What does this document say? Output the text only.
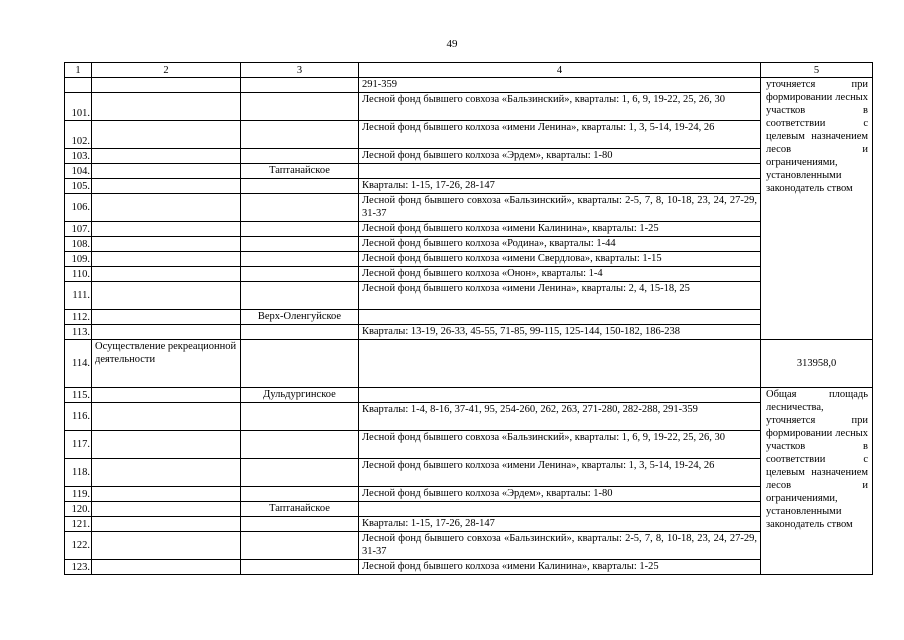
49
1	2	3	4	5
			291-359	уточняется при формировании лесных участков в соответствии с целевым назначением лесов и ограничениями, установленными законодатель ством
101.			Лесной фонд бывшего совхоза «Бальзинский», кварталы: 1, 6, 9, 19-22, 25, 26, 30	
102.			Лесной фонд бывшего колхоза «имени Ленина», кварталы: 1, 3, 5-14, 19-24, 26	
103.			Лесной фонд бывшего колхоза «Эрдем», кварталы: 1-80	
104.		Таптанайское		
105.			Кварталы: 1-15, 17-26, 28-147	
106.			Лесной фонд бывшего совхоза «Бальзинский», кварталы: 2-5, 7, 8, 10-18, 23, 24, 27-29, 31-37	
107.			Лесной фонд бывшего колхоза «имени Калинина», кварталы: 1-25	
108.			Лесной фонд бывшего колхоза «Родина», кварталы: 1-44	
109.			Лесной фонд бывшего колхоза «имени Свердлова», кварталы: 1-15	
110.			Лесной фонд бывшего колхоза «Онон», кварталы: 1-4	
111.			Лесной фонд бывшего колхоза «имени Ленина», кварталы: 2, 4, 15-18, 25	
112.		Верх-Оленгуйское		
113.			Кварталы: 13-19, 26-33, 45-55, 71-85, 99-115, 125-144, 150-182, 186-238	
114.	Осуществление рекреационной деятельности			313958,0
115.		Дульдургинское		Общая площадь лесничества, уточняется при формировании лесных участков в соответствии с целевым назначением лесов и ограничениями, установленными законодатель ством
116.			Кварталы: 1-4, 8-16, 37-41, 95, 254-260, 262, 263, 271-280, 282-288, 291-359	
117.			Лесной фонд бывшего совхоза «Бальзинский», кварталы: 1, 6, 9, 19-22, 25, 26, 30	
118.			Лесной фонд бывшего колхоза «имени Ленина», кварталы: 1, 3, 5-14, 19-24, 26	
119.			Лесной фонд бывшего колхоза «Эрдем», кварталы: 1-80	
120.		Таптанайское		
121.			Кварталы: 1-15, 17-26, 28-147	
122.			Лесной фонд бывшего совхоза «Бальзинский», кварталы: 2-5, 7, 8, 10-18, 23, 24, 27-29, 31-37	
123.			Лесной фонд бывшего колхоза «имени Калинина», кварталы: 1-25	
